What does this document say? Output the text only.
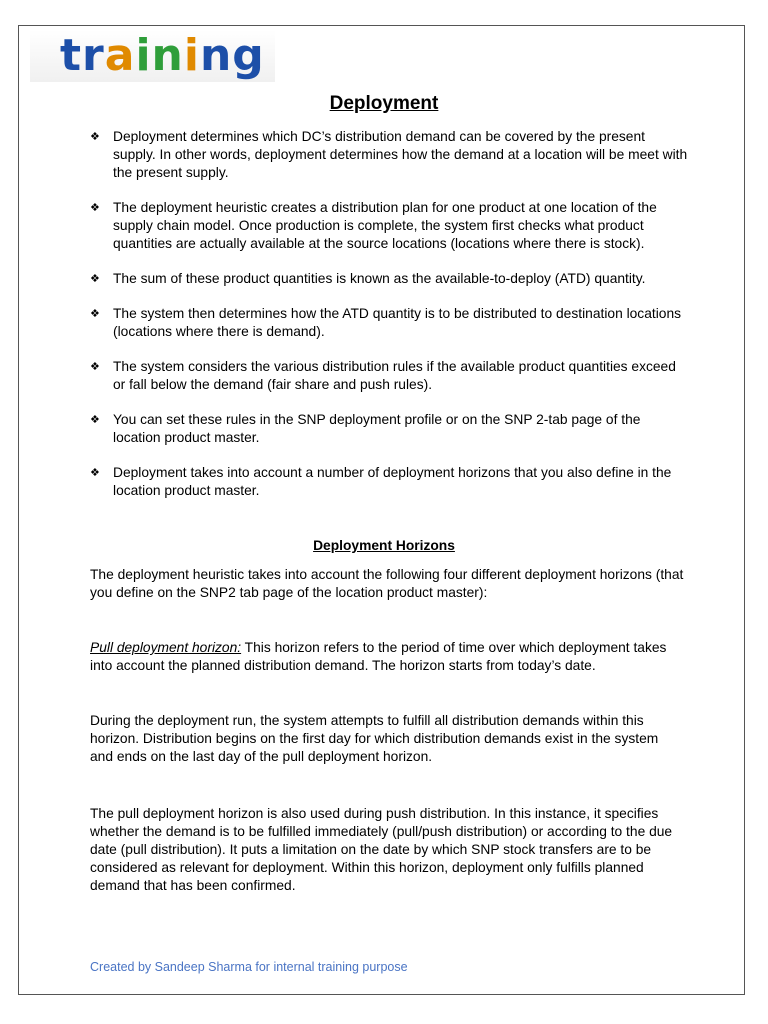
training
Deployment
❖ Deployment determines which DC’s distribution demand can be covered by the present supply. In other words, deployment determines how the demand at a location will be meet with the present supply.
❖ The deployment heuristic creates a distribution plan for one product at one location of the supply chain model. Once production is complete, the system first checks what product quantities are actually available at the source locations (locations where there is stock).
❖ The sum of these product quantities is known as the available-to-deploy (ATD) quantity.
❖ The system then determines how the ATD quantity is to be distributed to destination locations (locations where there is demand).
❖ The system considers the various distribution rules if the available product quantities exceed or fall below the demand (fair share and push rules).
❖ You can set these rules in the SNP deployment profile or on the SNP 2-tab page of the location product master.
❖ Deployment takes into account a number of deployment horizons that you also define in the location product master.
Deployment Horizons

The deployment heuristic takes into account the following four different deployment horizons (that you define on the SNP2 tab page of the location product master):

Pull deployment horizon: This horizon refers to the period of time over which deployment takes into account the planned distribution demand. The horizon starts from today’s date.

During the deployment run, the system attempts to fulfill all distribution demands within this horizon. Distribution begins on the first day for which distribution demands exist in the system and ends on the last day of the pull deployment horizon.

The pull deployment horizon is also used during push distribution. In this instance, it specifies whether the demand is to be fulfilled immediately (pull/push distribution) or according to the due date (pull distribution). It puts a limitation on the date by which SNP stock transfers are to be considered as relevant for deployment. Within this horizon, deployment only fulfills planned demand that has been confirmed.

Created by Sandeep Sharma for internal training purpose
